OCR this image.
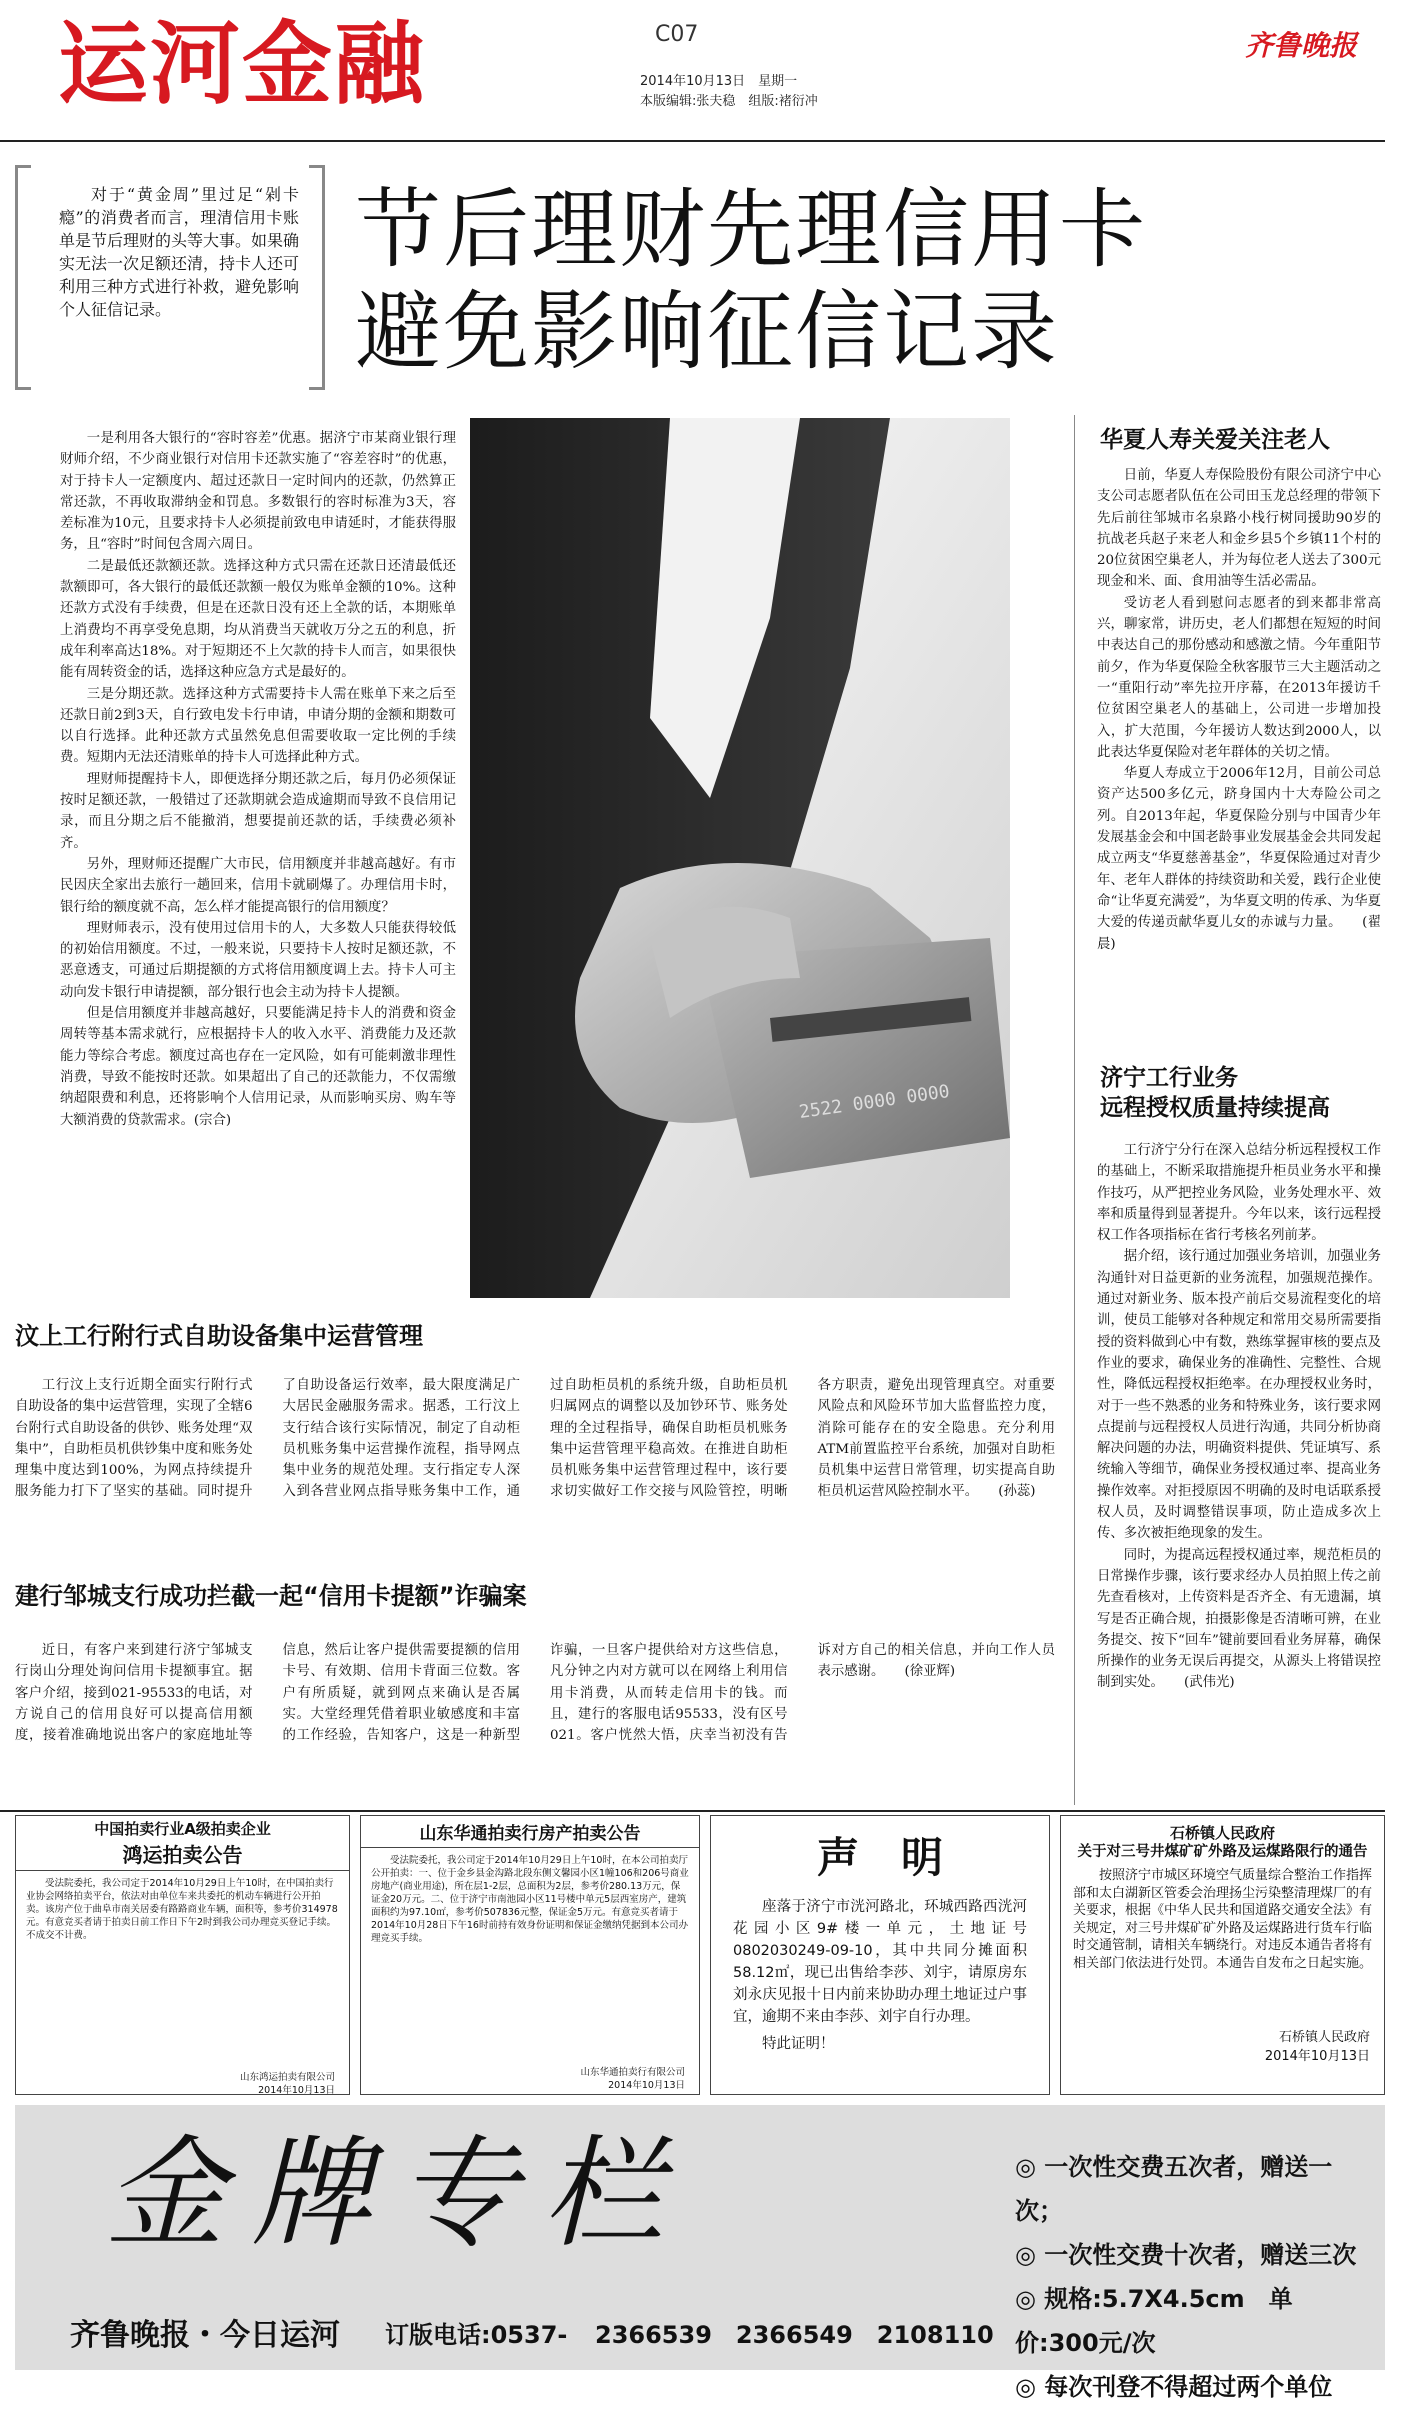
运河金融	C07
2014年10月13日　星期一
本版编辑:张夫稳　组版:褚衍冲
齐鲁晚报
对于“黄金周”里过足“剁卡瘾”的消费者而言，理清信用卡账单是节后理财的头等大事。如果确实无法一次足额还清，持卡人还可利用三种方式进行补救，避免影响个人征信记录。
节后理财先理信用卡
避免影响征信记录

一是利用各大银行的“容时容差”优惠。据济宁市某商业银行理财师介绍，不少商业银行对信用卡还款实施了“容差容时”的优惠，对于持卡人一定额度内、超过还款日一定时间内的还款，仍然算正常还款，不再收取滞纳金和罚息。多数银行的容时标准为3天，容差标准为10元，且要求持卡人必须提前致电申请延时，才能获得服务，且“容时”时间包含周六周日。

二是最低还款额还款。选择这种方式只需在还款日还清最低还款额即可，各大银行的最低还款额一般仅为账单金额的10%。这种还款方式没有手续费，但是在还款日没有还上全款的话，本期账单上消费均不再享受免息期，均从消费当天就收万分之五的利息，折成年利率高达18%。对于短期还不上欠款的持卡人而言，如果很快能有周转资金的话，选择这种应急方式是最好的。

三是分期还款。选择这种方式需要持卡人需在账单下来之后至还款日前2到3天，自行致电发卡行申请，申请分期的金额和期数可以自行选择。此种还款方式虽然免息但需要收取一定比例的手续费。短期内无法还清账单的持卡人可选择此种方式。

理财师提醒持卡人，即便选择分期还款之后，每月仍必须保证按时足额还款，一般错过了还款期就会造成逾期而导致不良信用记录，而且分期之后不能撤消，想要提前还款的话，手续费必须补齐。

另外，理财师还提醒广大市民，信用额度并非越高越好。有市民因庆全家出去旅行一趟回来，信用卡就刷爆了。办理信用卡时，银行给的额度就不高，怎么样才能提高银行的信用额度？

理财师表示，没有使用过信用卡的人，大多数人只能获得较低的初始信用额度。不过，一般来说，只要持卡人按时足额还款，不恶意透支，可通过后期提额的方式将信用额度调上去。持卡人可主动向发卡银行申请提额，部分银行也会主动为持卡人提额。

但是信用额度并非越高越好，只要能满足持卡人的消费和资金周转等基本需求就行，应根据持卡人的收入水平、消费能力及还款能力等综合考虑。额度过高也存在一定风险，如有可能刺激非理性消费，导致不能按时还款。如果超出了自己的还款能力，不仅需缴纳超限费和利息，还将影响个人信用记录，从而影响买房、购车等大额消费的贷款需求。(宗合)	2522 0000 0000
华夏人寿关爱关注老人

日前，华夏人寿保险股份有限公司济宁中心支公司志愿者队伍在公司田玉龙总经理的带领下先后前往邹城市名泉路小栈行树同援助90岁的抗战老兵赵子来老人和金乡县5个乡镇11个村的20位贫困空巢老人，并为每位老人送去了300元现金和米、面、食用油等生活必需品。

受访老人看到慰问志愿者的到来都非常高兴，聊家常，讲历史，老人们都想在短短的时间中表达自己的那份感动和感激之情。今年重阳节前夕，作为华夏保险全秋客服节三大主题活动之一“重阳行动”率先拉开序幕，在2013年援访千位贫困空巢老人的基础上，公司进一步增加投入，扩大范围，今年援访人数达到2000人，以此表达华夏保险对老年群体的关切之情。

华夏人寿成立于2006年12月，目前公司总资产达500多亿元，跻身国内十大寿险公司之列。自2013年起，华夏保险分别与中国青少年发展基金会和中国老龄事业发展基金会共同发起成立两支“华夏慈善基金”，华夏保险通过对青少年、老年人群体的持续资助和关爱，践行企业使命“让华夏充满爱”，为华夏文明的传承、为华夏大爱的传递贡献华夏儿女的赤诚与力量。　　(翟晨)

济宁工行业务
远程授权质量持续提高

工行济宁分行在深入总结分析远程授权工作的基础上，不断采取措施提升柜员业务水平和操作技巧，从严把控业务风险，业务处理水平、效率和质量得到显著提升。今年以来，该行远程授权工作各项指标在省行考核名列前茅。

据介绍，该行通过加强业务培训，加强业务沟通针对日益更新的业务流程，加强规范操作。通过对新业务、版本投产前后交易流程变化的培训，使员工能够对各种规定和常用交易所需要指授的资料做到心中有数，熟练掌握审核的要点及作业的要求，确保业务的准确性、完整性、合规性，降低远程授权拒绝率。在办理授权业务时，对于一些不熟悉的业务和特殊业务，该行要求网点提前与远程授权人员进行沟通，共同分析协商解决问题的办法，明确资料提供、凭证填写、系统输入等细节，确保业务授权通过率、提高业务操作效率。对拒授原因不明确的及时电话联系授权人员，及时调整错误事项，防止造成多次上传、多次被拒绝现象的发生。

同时，为提高远程授权通过率，规范柜员的日常操作步骤，该行要求经办人员拍照上传之前先查看核对，上传资料是否齐全、有无遗漏，填写是否正确合规，拍摄影像是否清晰可辨，在业务提交、按下“回车”键前要回看业务屏幕，确保所操作的业务无误后再提交，从源头上将错误控制到实处。　　(武伟光)

汶上工行附行式自助设备集中运营管理
工行汶上支行近期全面实行附行式自助设备的集中运营管理，实现了全辖6台附行式自助设备的供钞、账务处理“双集中”，自助柜员机供钞集中度和账务处理集中度达到100%，为网点持续提升服务能力打下了坚实的基础。同时提升了自助设备运行效率，最大限度满足广大居民金融服务需求。据悉，工行汶上支行结合该行实际情况，制定了自动柜员机账务集中运营操作流程，指导网点集中业务的规范处理。支行指定专人深入到各营业网点指导账务集中工作，通过自助柜员机的系统升级，自助柜员机归属网点的调整以及加钞环节、账务处理的全过程指导，确保自助柜员机账务集中运营管理平稳高效。在推进自助柜员机账务集中运营管理过程中，该行要求切实做好工作交接与风险管控，明晰各方职责，避免出现管理真空。对重要风险点和风险环节加大监督监控力度，消除可能存在的安全隐患。充分利用ATM前置监控平台系统，加强对自助柜员机集中运营日常管理，切实提高自助柜员机运营风险控制水平。　　(孙蕊)
建行邹城支行成功拦截一起“信用卡提额”诈骗案
近日，有客户来到建行济宁邹城支行岗山分理处询问信用卡提额事宜。据客户介绍，接到021-95533的电话，对方说自己的信用良好可以提高信用额度，接着准确地说出客户的家庭地址等信息，然后让客户提供需要提额的信用卡号、有效期、信用卡背面三位数。客户有所质疑，就到网点来确认是否属实。大堂经理凭借着职业敏感度和丰富的工作经验，告知客户，这是一种新型诈骗，一旦客户提供给对方这些信息，凡分钟之内对方就可以在网络上利用信用卡消费，从而转走信用卡的钱。而且，建行的客服电话95533，没有区号021。客户恍然大悟，庆幸当初没有告诉对方自己的相关信息，并向工作人员表示感谢。　　(徐亚辉)
中国拍卖行业A级拍卖企业
鸿运拍卖公告
受法院委托，我公司定于2014年10月29日上午10时，在中国拍卖行业协会网络拍卖平台，依法对由单位车来共委托的机动车辆进行公开拍卖。该房产位于曲阜市南关居委有路路商业车辆，面积等，参考价314978元。有意竞买者请于拍卖日前工作日下午2时到我公司办理竞买登记手续。不成交不计费。
山东鸿运拍卖有限公司
2014年10月13日
山东华通拍卖行房产拍卖公告
受法院委托，我公司定于2014年10月29日上午10时，在本公司拍卖厅公开拍卖：一、位于金乡县金沟路北段东侧文馨园小区1幢106和206号商业房地产(商业用途)，所在层1-2层，总面积为2层，参考价280.13万元，保证金20万元。二、位于济宁市南池园小区11号楼中单元5层西室房产，建筑面积约为97.10㎡，参考价507836元整，保证金5万元。有意竞买者请于2014年10月28日下午16时前持有效身份证明和保证金缴纳凭据到本公司办理竞买手续。
山东华通拍卖行有限公司
2014年10月13日
声　明
座落于济宁市洸河路北，环城西路西洸河花园小区9#楼一单元，土地证号0802030249-09-10，其中共同分摊面积58.12㎡，现已出售给李莎、刘宇，请原房东刘永庆见报十日内前来协助办理土地证过户事宜，逾期不来由李莎、刘宇自行办理。
特此证明！
石桥镇人民政府
关于对三号井煤矿矿外路及运煤路限行的通告
按照济宁市城区环境空气质量综合整治工作指挥部和太白湖新区管委会治理扬尘污染整清理煤厂的有关要求，根据《中华人民共和国道路交通安全法》有关规定，对三号井煤矿矿外路及运煤路进行货车行临时交通管制，请相关车辆绕行。对违反本通告者将有相关部门依法进行处罚。本通告自发布之日起实施。
石桥镇人民政府
2014年10月13日
金牌专栏
齐鲁晚报・今日运河 订版电话:0537- 2366539　2366549　2108110
◎ 一次性交费五次者，赠送一次；
◎ 一次性交费十次者，赠送三次
◎ 规格:5.7X4.5cm　单价:300元/次
◎ 每次刊登不得超过两个单位
